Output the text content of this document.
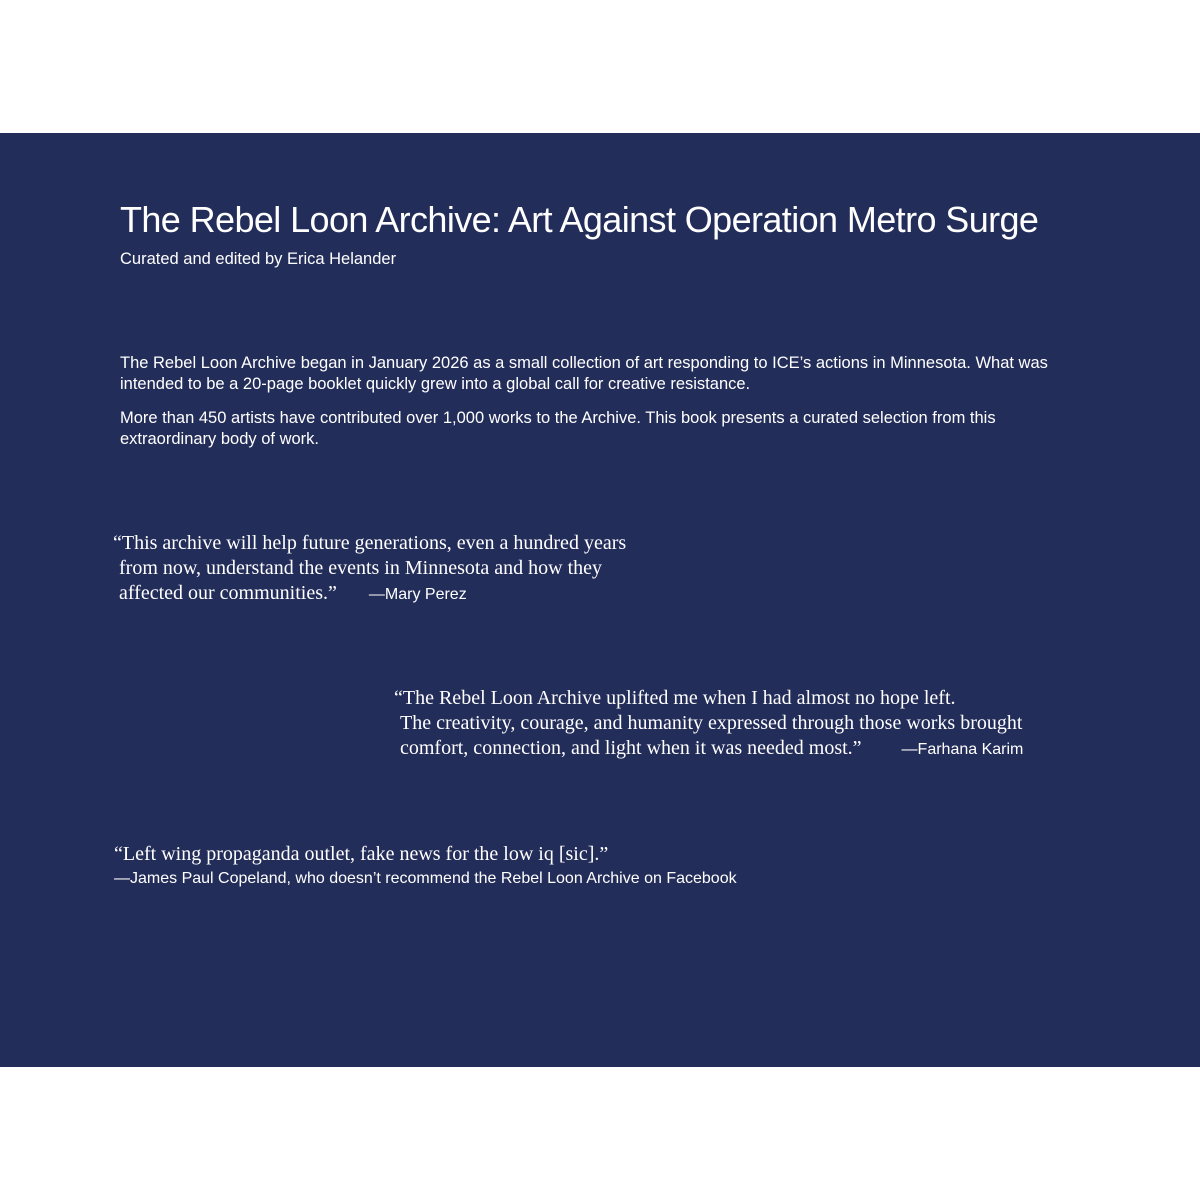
The Rebel Loon Archive: Art Against Operation Metro Surge
Curated and edited by Erica Helander

The Rebel Loon Archive began in January 2026 as a small collection of art responding to ICE’s actions in Minnesota. What was intended to be a 20-page booklet quickly grew into a global call for creative resistance.

More than 450 artists have contributed over 1,000 works to the Archive. This book presents a curated selection from this extraordinary body of work.

“This archive will help future generations, even a hundred years
from now, understand the events in Minnesota and how they
affected our communities.” —Mary Perez
“The Rebel Loon Archive uplifted me when I had almost no hope left.
The creativity, courage, and humanity expressed through those works brought
comfort, connection, and light when it was needed most.”	—Farhana Karim
“Left wing propaganda outlet, fake news for the low iq [sic].”
—James Paul Copeland, who doesn’t recommend the Rebel Loon Archive on Facebook
